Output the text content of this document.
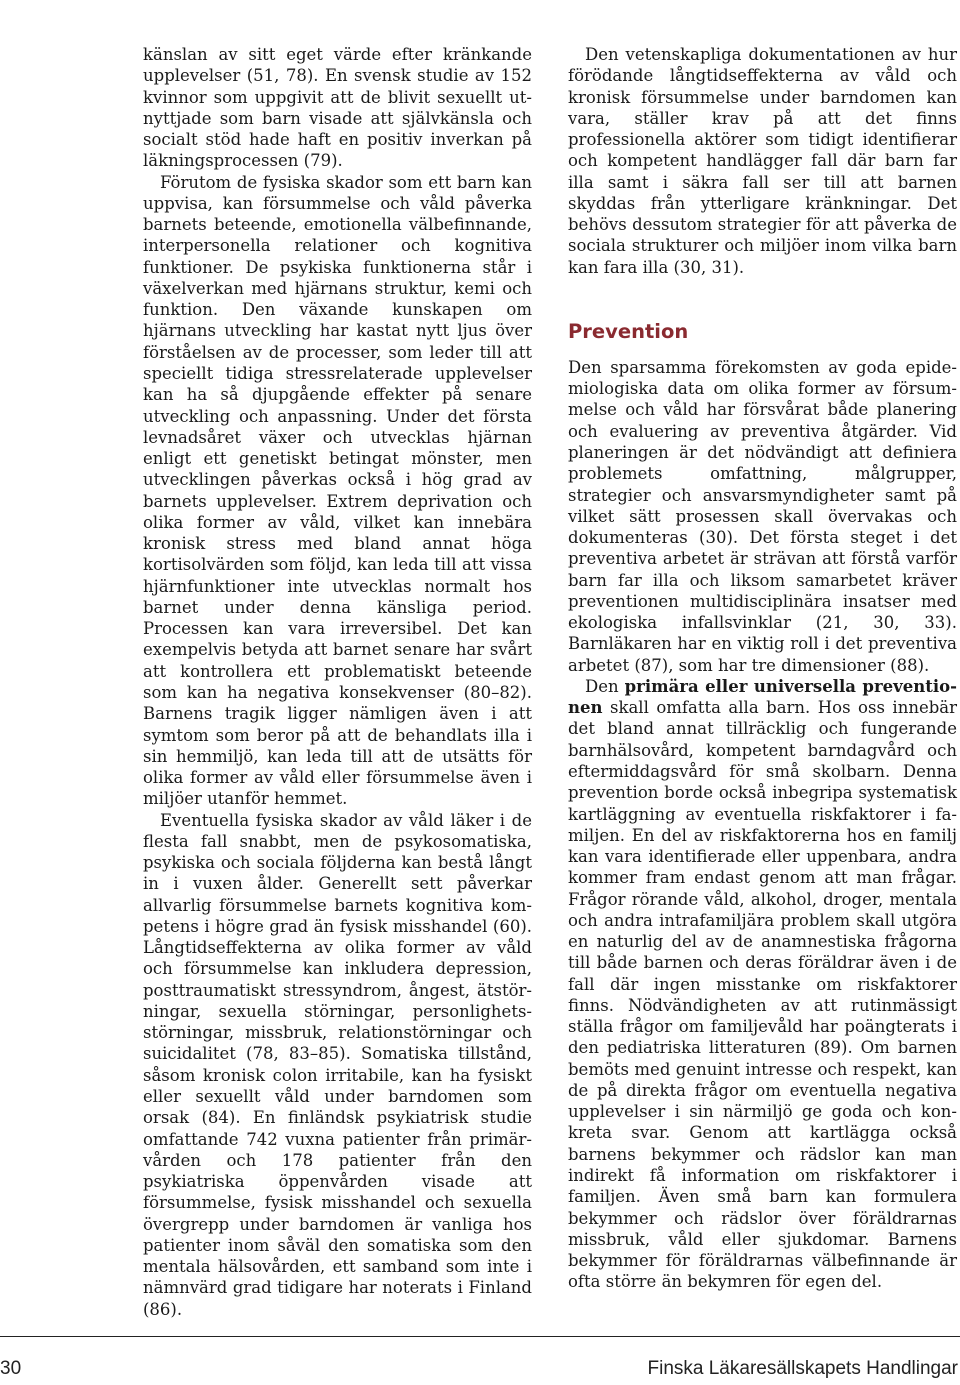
känslan av sitt eget värde efter kränkande upplevelser (51, 78). En svensk studie av 152 kvinnor som uppgivit att de blivit sexuellt utnyttjade som barn visade att självkänsla och socialt stöd hade haft en positiv inverkan på läkningsprocessen (79).

Förutom de fysiska skador som ett barn kan uppvisa, kan försummelse och våld påverka barnets beteende, emotionella välbefinnande, interpersonella relationer och kognitiva funktioner. De psykiska funktionerna står i växelverkan med hjärnans struktur, kemi och funktion. Den växande kunskapen om hjärnans utveckling har kastat nytt ljus över förståelsen av de processer, som leder till att speciellt tidiga stressrelaterade upplevelser kan ha så djupgående effekter på senare utveckling och anpassning. Under det första levnadsåret växer och utvecklas hjärnan enligt ett genetiskt betingat mönster, men utvecklingen påverkas också i hög grad av barnets upplevelser. Extrem deprivation och olika former av våld, vilket kan innebära kronisk stress med bland annat höga kortisolvärden som följd, kan leda till att vissa hjärnfunktioner inte utvecklas normalt hos barnet under denna känsliga period. Processen kan vara irreversibel. Det kan exempelvis betyda att barnet senare har svårt att kontrollera ett problematiskt beteende som kan ha negativa konsekvenser (80–82). Barnens tragik ligger nämligen även i att symtom som beror på att de behandlats illa i sin hemmiljö, kan leda till att de utsätts för olika former av våld eller försummelse även i miljöer utanför hemmet.

Eventuella fysiska skador av våld läker i de flesta fall snabbt, men de psykosomatiska, psykiska och sociala följderna kan bestå långt in i vuxen ålder. Generellt sett påverkar allvarlig försummelse barnets kognitiva kompetens i högre grad än fysisk misshandel (60). Långtidseffekterna av olika former av våld och försummelse kan inkludera depression, posttraumatiskt stressyndrom, ångest, ätstörningar, sexuella störningar, personlighetsstörningar, missbruk, relationstörningar och suicidalitet (78, 83–85). Somatiska tillstånd, såsom kronisk colon irritabile, kan ha fysiskt eller sexuellt våld under barndomen som orsak (84). En finländsk psykiatrisk studie omfattande 742 vuxna patienter från primärvården och 178 patienter från den psykiatriska öppenvården visade att försummelse, fysisk misshandel och sexuella övergrepp under barndomen är vanliga hos patienter inom såväl den somatiska som den mentala hälsovården, ett samband som inte i nämnvärd grad tidigare har noterats i Finland (86).

Den vetenskapliga dokumentationen av hur förödande långtidseffekterna av våld och kronisk försummelse under barndomen kan vara, ställer krav på att det finns professionella aktörer som tidigt identifierar och kompetent handlägger fall där barn far illa samt i säkra fall ser till att barnen skyddas från ytterligare kränkningar. Det behövs dessutom strategier för att påverka de sociala strukturer och miljöer inom vilka barn kan fara illa (30, 31).

Prevention

Den sparsamma förekomsten av goda epidemiologiska data om olika former av försummelse och våld har försvårat både planering och evaluering av preventiva åtgärder. Vid planeringen är det nödvändigt att definiera problemets omfattning, målgrupper, strategier och ansvarsmyndigheter samt på vilket sätt prosessen skall övervakas och dokumenteras (30). Det första steget i det preventiva arbetet är strävan att förstå varför barn far illa och liksom samarbetet kräver preventionen multidisciplinära insatser med ekologiska infallsvinklar (21, 30, 33). Barnläkaren har en viktig roll i det preventiva arbetet (87), som har tre dimensioner (88).

Den primära eller universella preventionen skall omfatta alla barn. Hos oss innebär det bland annat tillräcklig och fungerande barnhälsovård, kompetent barndagvård och eftermiddagsvård för små skolbarn. Denna prevention borde också inbegripa systematisk kartläggning av eventuella riskfaktorer i familjen. En del av riskfaktorerna hos en familj kan vara identifierade eller uppenbara, andra kommer fram endast genom att man frågar. Frågor rörande våld, alkohol, droger, mentala och andra intrafamiljära problem skall utgöra en naturlig del av de anamnestiska frågorna till både barnen och deras föräldrar även i de fall där ingen misstanke om riskfaktorer finns. Nödvändigheten av att rutinmässigt ställa frågor om familjevåld har poängterats i den pediatriska litteraturen (89). Om barnen bemöts med genuint intresse och respekt, kan de på direkta frågor om eventuella negativa upplevelser i sin närmiljö ge goda och konkreta svar. Genom att kartlägga också barnens bekymmer och rädslor kan man indirekt få information om riskfaktorer i familjen. Även små barn kan formulera bekymmer och rädslor över föräldrarnas missbruk, våld eller sjukdomar. Barnens bekymmer för föräldrarnas välbefinnande är ofta större än bekymren för egen del.

30	Finska Läkaresällskapets Handlingar
